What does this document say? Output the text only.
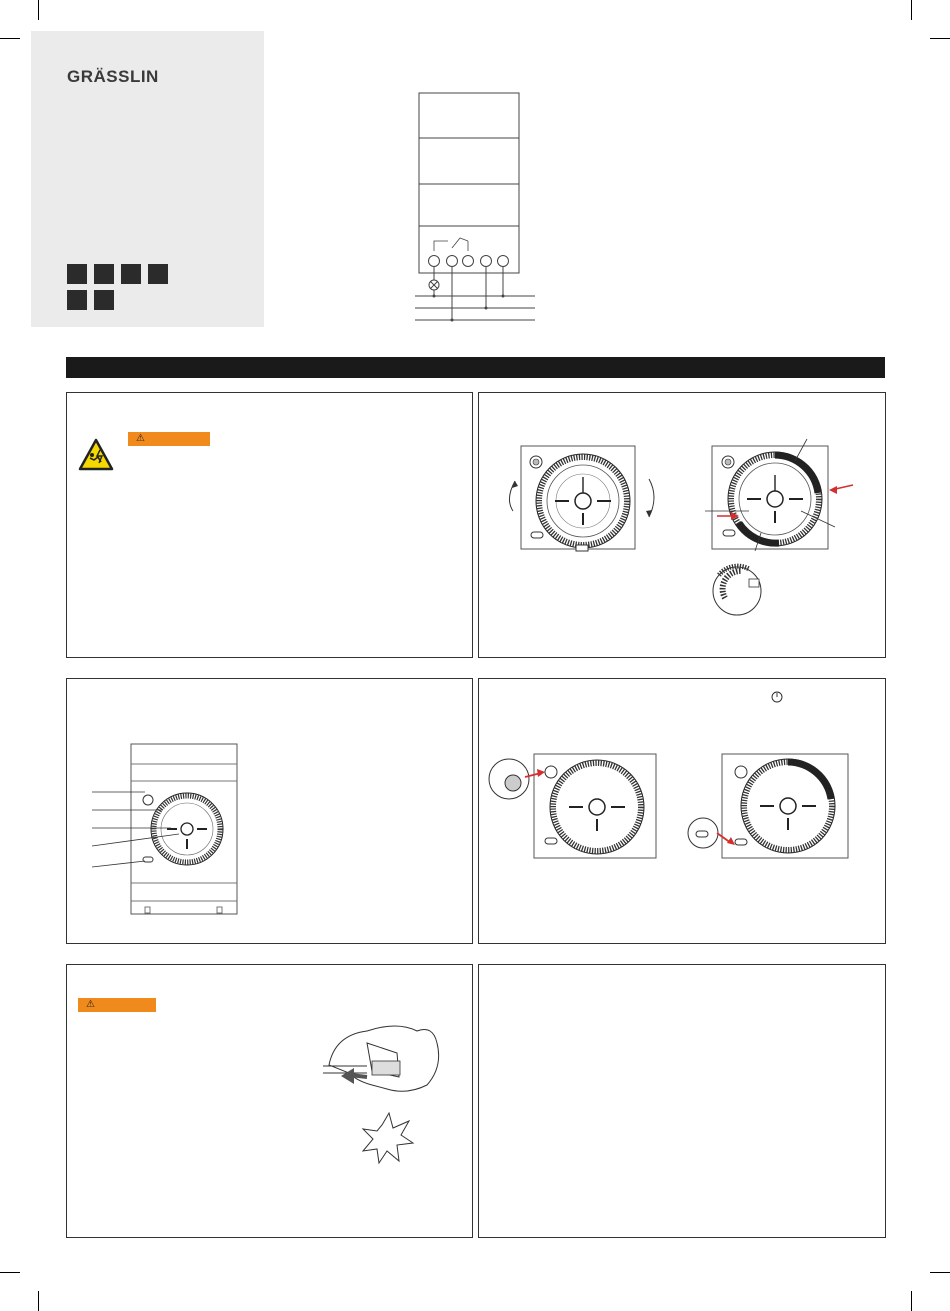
GRÄSSLIN
⚠
⚠
